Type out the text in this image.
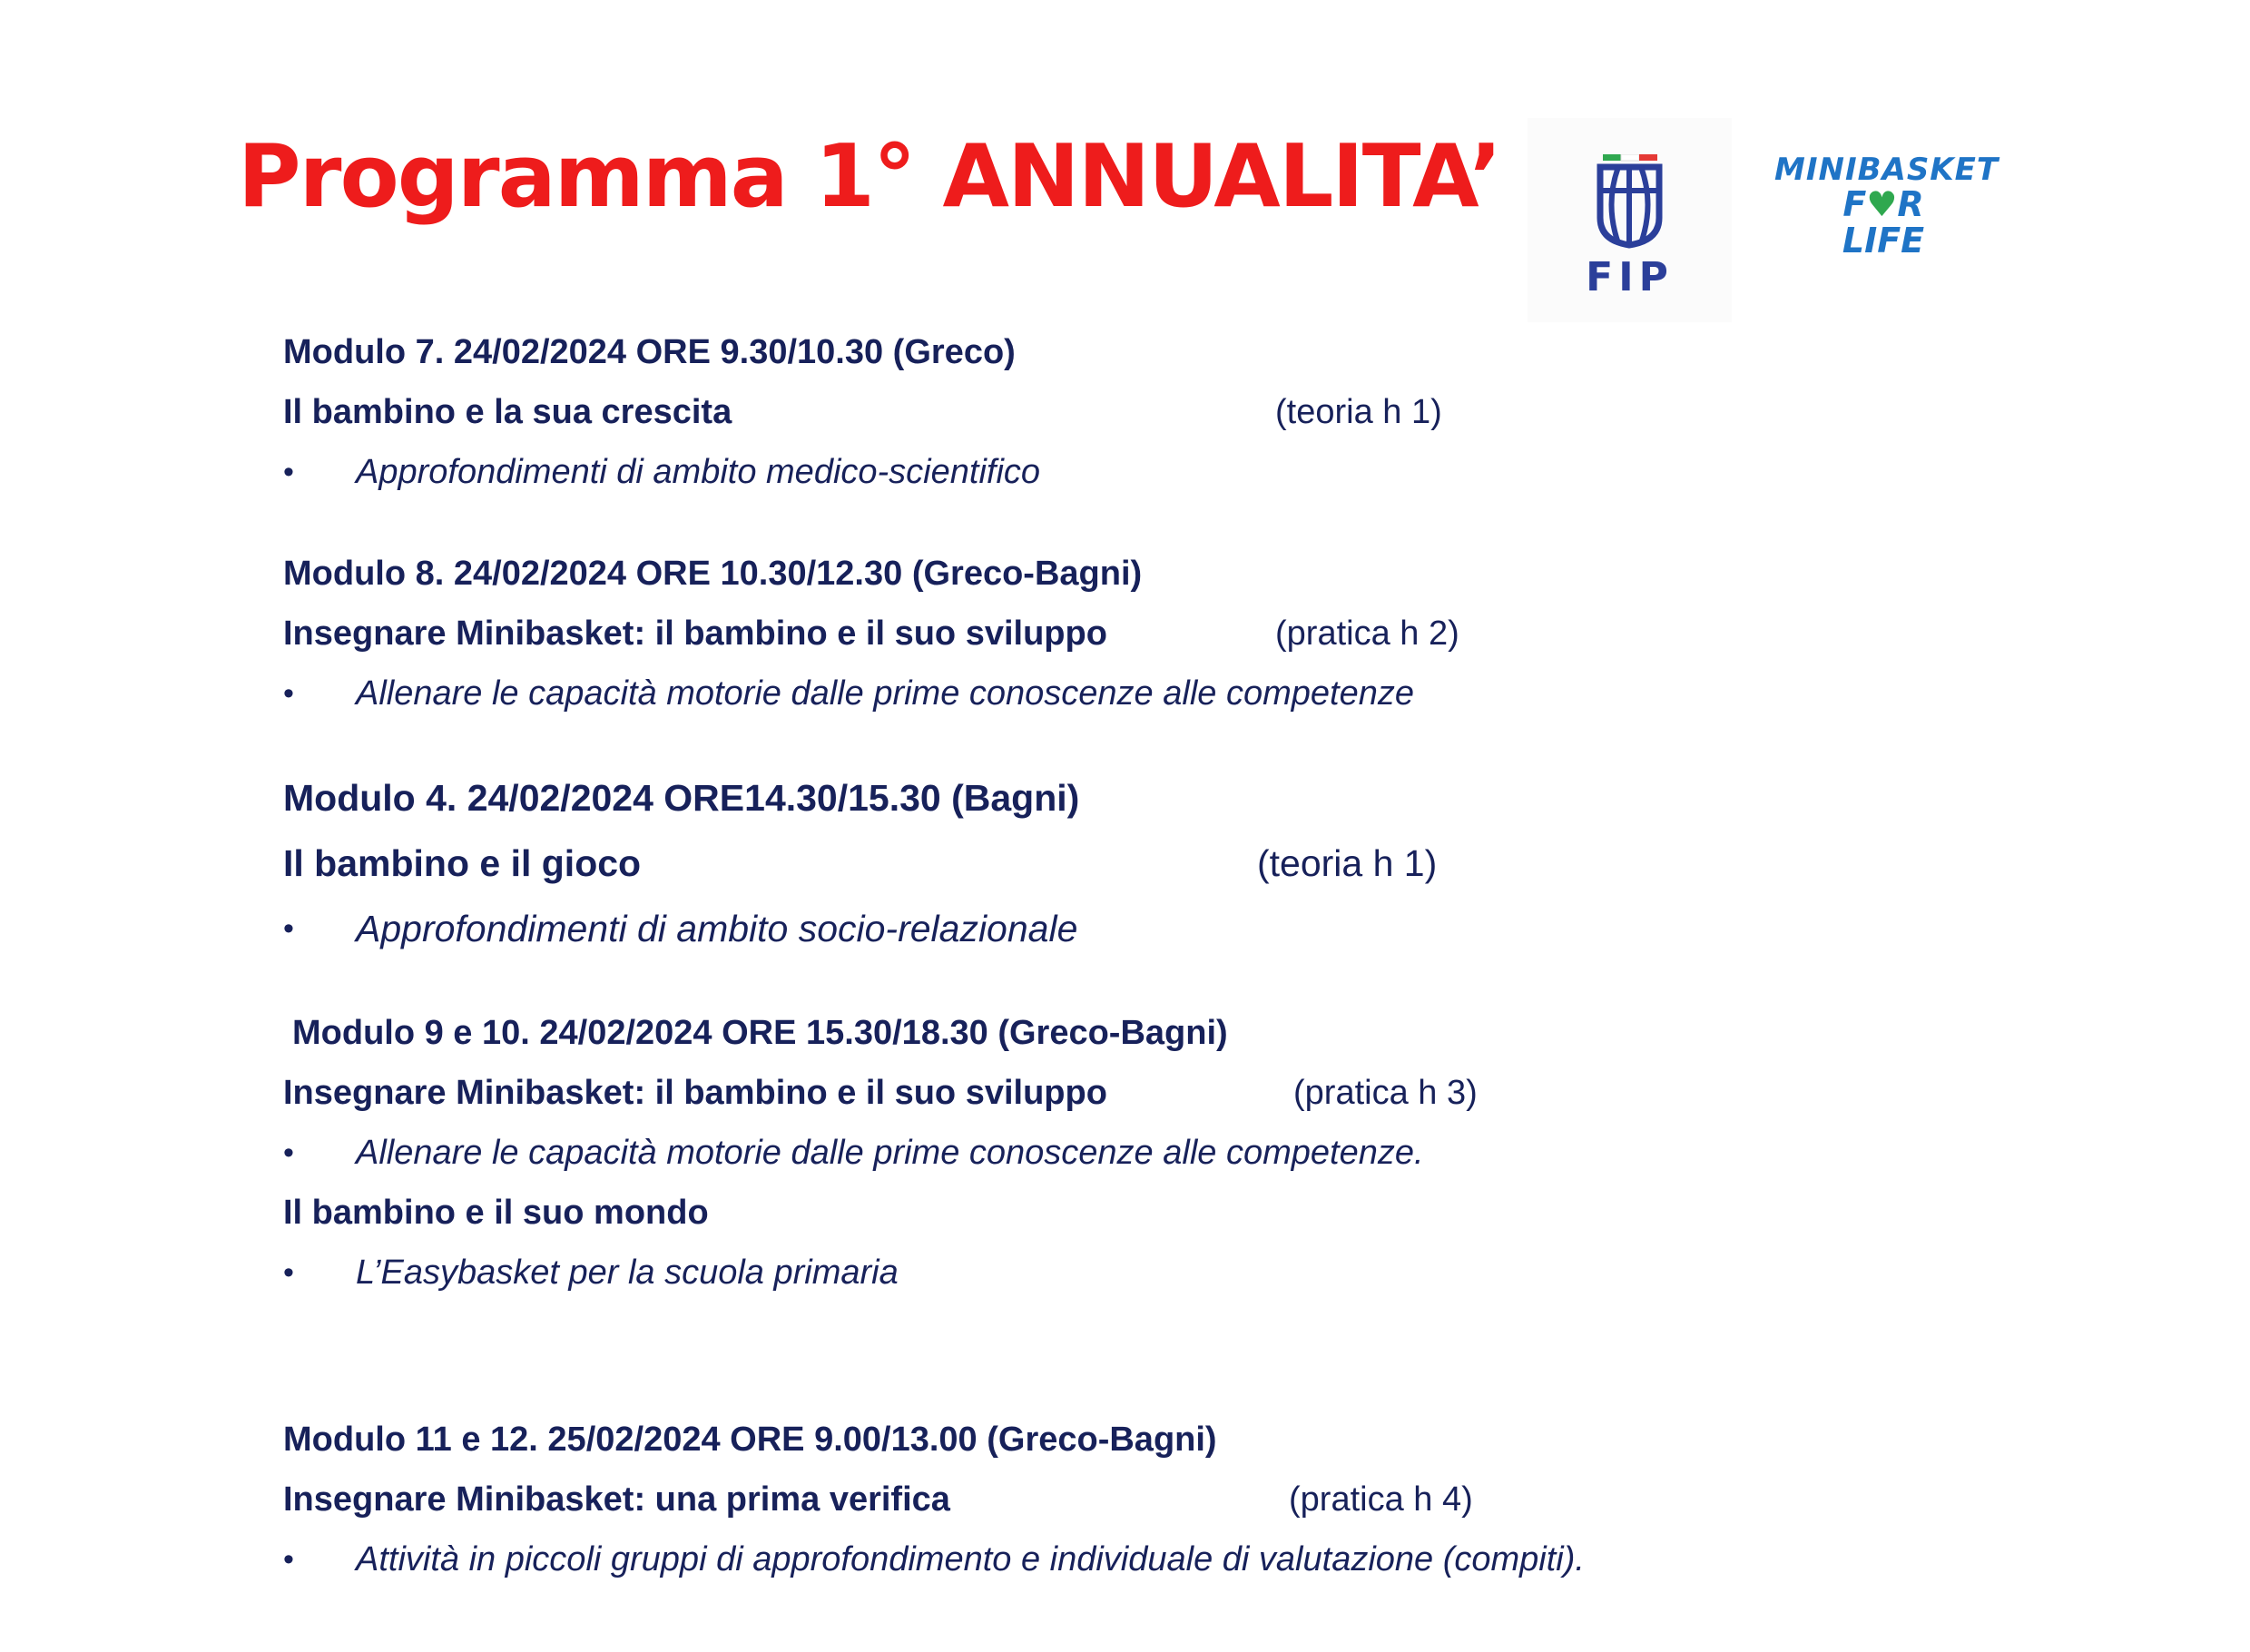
Programma 1° ANNUALITA’
FIP
MINIBASKET
F♥R
LIFE
Modulo 7. 24/02/2024 ORE 9.30/10.30 (Greco)
Il bambino e la sua crescita	(teoria h 1)
• Approfondimenti di ambito medico-scientifico
Modulo 8. 24/02/2024 ORE 10.30/12.30 (Greco-Bagni)
Insegnare Minibasket: il bambino e il suo sviluppo	(pratica h 2)
• Allenare le capacità motorie dalle prime conoscenze alle competenze
Modulo 4. 24/02/2024 ORE14.30/15.30 (Bagni)
Il bambino e il gioco	(teoria h 1)
• Approfondimenti di ambito socio-relazionale
Modulo 9 e 10. 24/02/2024 ORE 15.30/18.30 (Greco-Bagni)
Insegnare Minibasket: il bambino e il suo sviluppo	(pratica h 3)
• Allenare le capacità motorie dalle prime conoscenze alle competenze.
Il bambino e il suo mondo
• L’Easybasket per la scuola primaria
Modulo 11 e 12. 25/02/2024 ORE 9.00/13.00 (Greco-Bagni)
Insegnare Minibasket: una prima verifica	(pratica h 4)
• Attività in piccoli gruppi di approfondimento e individuale di valutazione (compiti).
